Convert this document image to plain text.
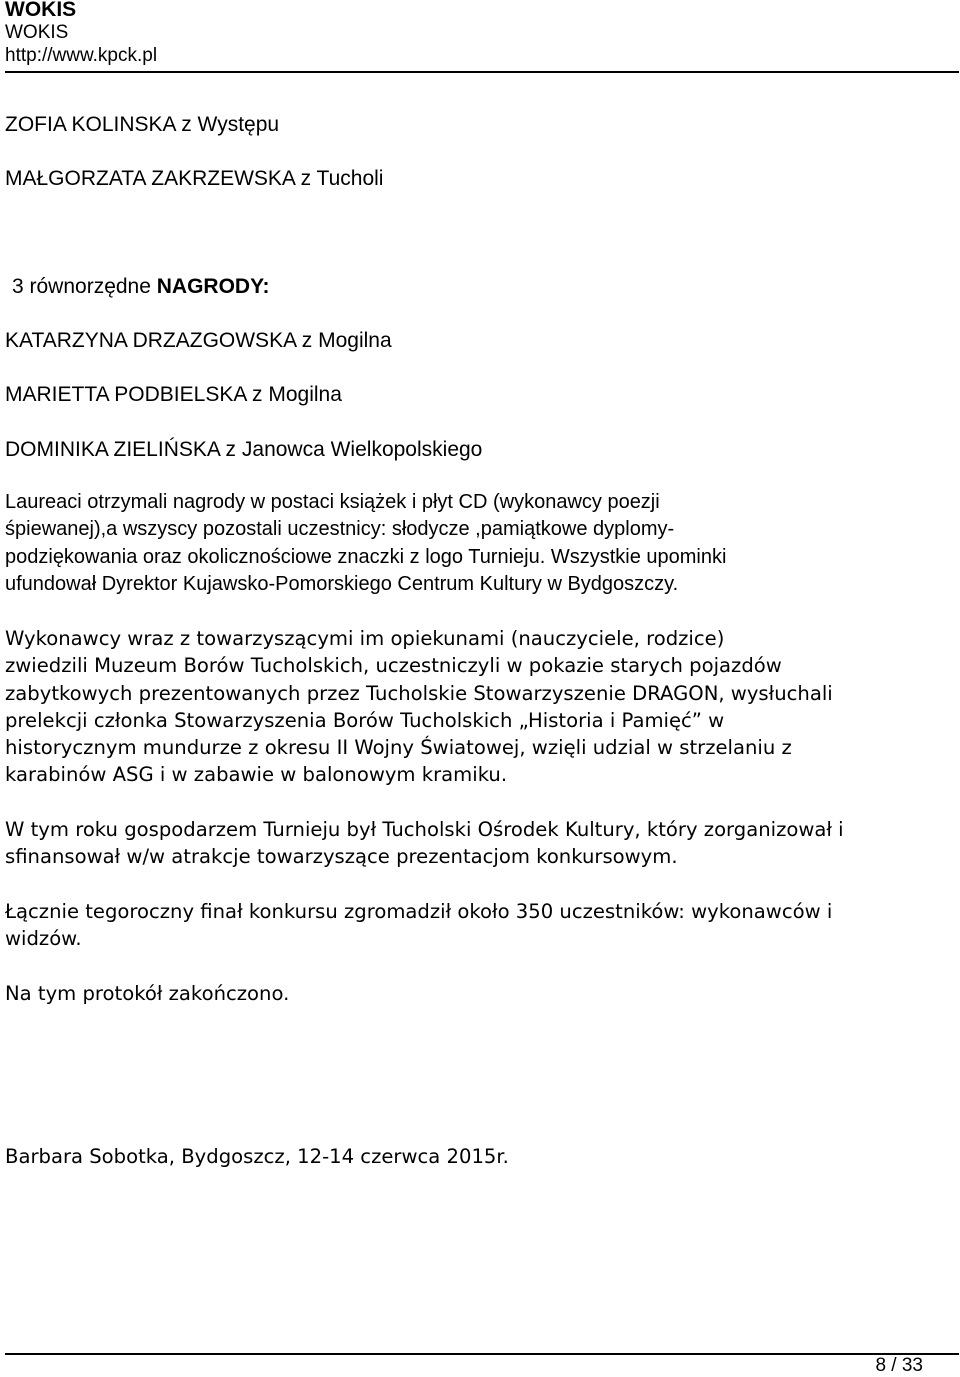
WOKIS
WOKIS
http://www.kpck.pl
ZOFIA KOLINSKA z Występu
MAŁGORZATA ZAKRZEWSKA z Tucholi
3 równorzędne NAGRODY:
KATARZYNA DRZAZGOWSKA z Mogilna
MARIETTA PODBIELSKA z Mogilna
DOMINIKA ZIELIŃSKA z Janowca Wielkopolskiego
Laureaci otrzymali nagrody w postaci książek i płyt CD (wykonawcy poezji
śpiewanej),a wszyscy pozostali uczestnicy: słodycze ,pamiątkowe dyplomy-
podziękowania oraz okolicznościowe znaczki z logo Turnieju. Wszystkie upominki
ufundował Dyrektor Kujawsko-Pomorskiego Centrum Kultury w Bydgoszczy.
Wykonawcy wraz z towarzyszącymi im opiekunami (nauczyciele, rodzice)
zwiedzili Muzeum Borów Tucholskich, uczestniczyli w pokazie starych pojazdów
zabytkowych prezentowanych przez Tucholskie Stowarzyszenie DRAGON, wysłuchali
prelekcji członka Stowarzyszenia Borów Tucholskich „Historia i Pamięć” w
historycznym mundurze z okresu II Wojny Światowej, wzięli udzial w strzelaniu z
karabinów ASG i w zabawie w balonowym kramiku.
W tym roku gospodarzem Turnieju był Tucholski Ośrodek Kultury, który zorganizował i
sfinansował w/w atrakcje towarzyszące prezentacjom konkursowym.
Łącznie tegoroczny finał konkursu zgromadził około 350 uczestników: wykonawców i
widzów.
Na tym protokół zakończono.
Barbara Sobotka, Bydgoszcz, 12-14 czerwca 2015r.
8 / 33
